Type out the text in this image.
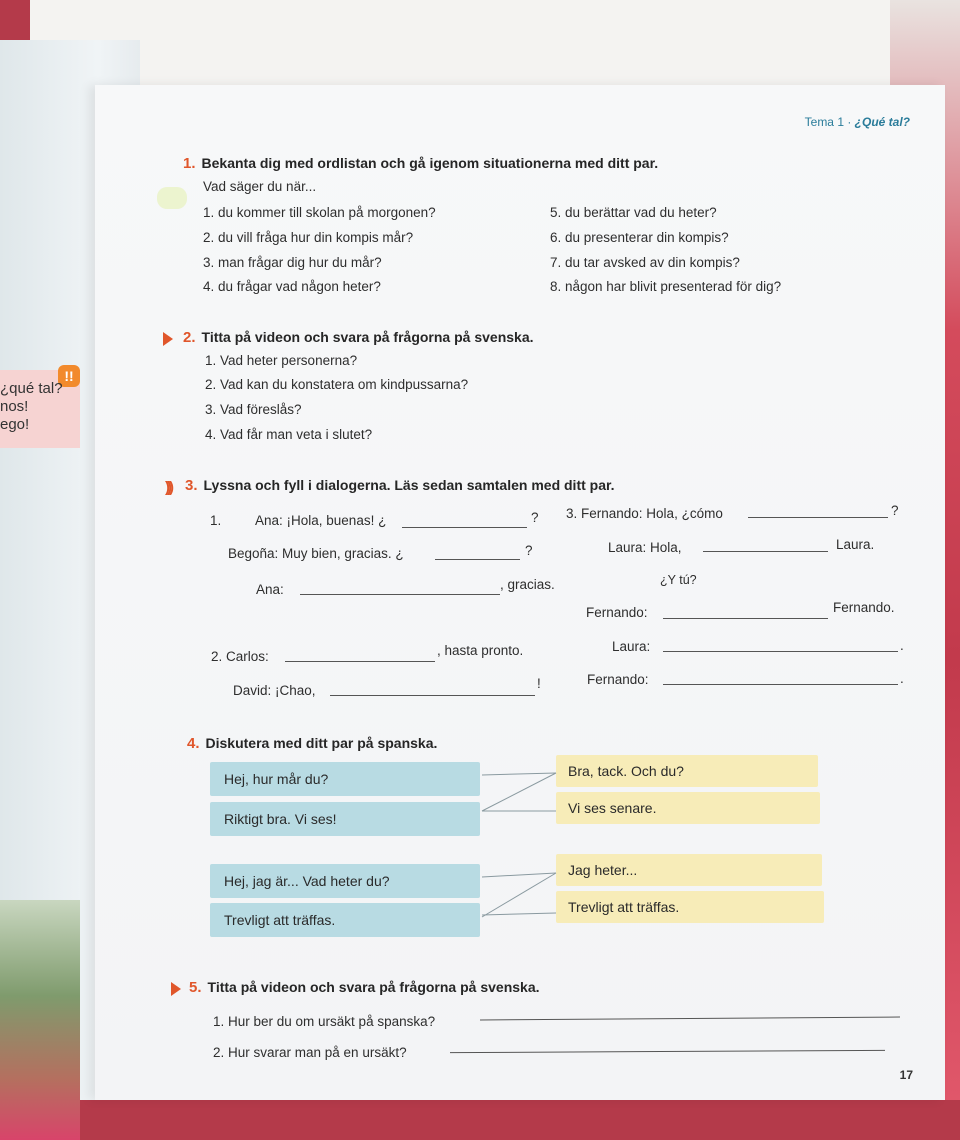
!!
¿qué tal?
nos!
ego!
Tema 1 · ¿Qué tal?
1. Bekanta dig med ordlistan och gå igenom situationerna med ditt par.
Vad säger du när...
1. du kommer till skolan på morgonen?
2. du vill fråga hur din kompis mår?
3. man frågar dig hur du mår?
4. du frågar vad någon heter?
5. du berättar vad du heter?
6. du presenterar din kompis?
7. du tar avsked av din kompis?
8. någon har blivit presenterad för dig?
2. Titta på videon och svara på frågorna på svenska.
1. Vad heter personerna?
2. Vad kan du konstatera om kindpussarna?
3. Vad föreslås?
4. Vad får man veta i slutet?
))) 3. Lyssna och fyll i dialogerna. Läs sedan samtalen med ditt par.
1. Ana: ¡Hola, buenas! ¿	?
Begoña: Muy bien, gracias. ¿	?
Ana:	, gracias.
2. Carlos:	, hasta pronto.
David: ¡Chao,	!
3. Fernando: Hola, ¿cómo	?
Laura: Hola,	Laura.
¿Y tú?
Fernando:	Fernando.
Laura:	.
Fernando:	.
4. Diskutera med ditt par på spanska.
Hej, hur mår du?
Riktigt bra. Vi ses!
Hej, jag är... Vad heter du?
Trevligt att träffas.
Bra, tack. Och du?
Vi ses senare.
Jag heter...
Trevligt att träffas.
5. Titta på videon och svara på frågorna på svenska.
1. Hur ber du om ursäkt på spanska?
2. Hur svarar man på en ursäkt?
17
